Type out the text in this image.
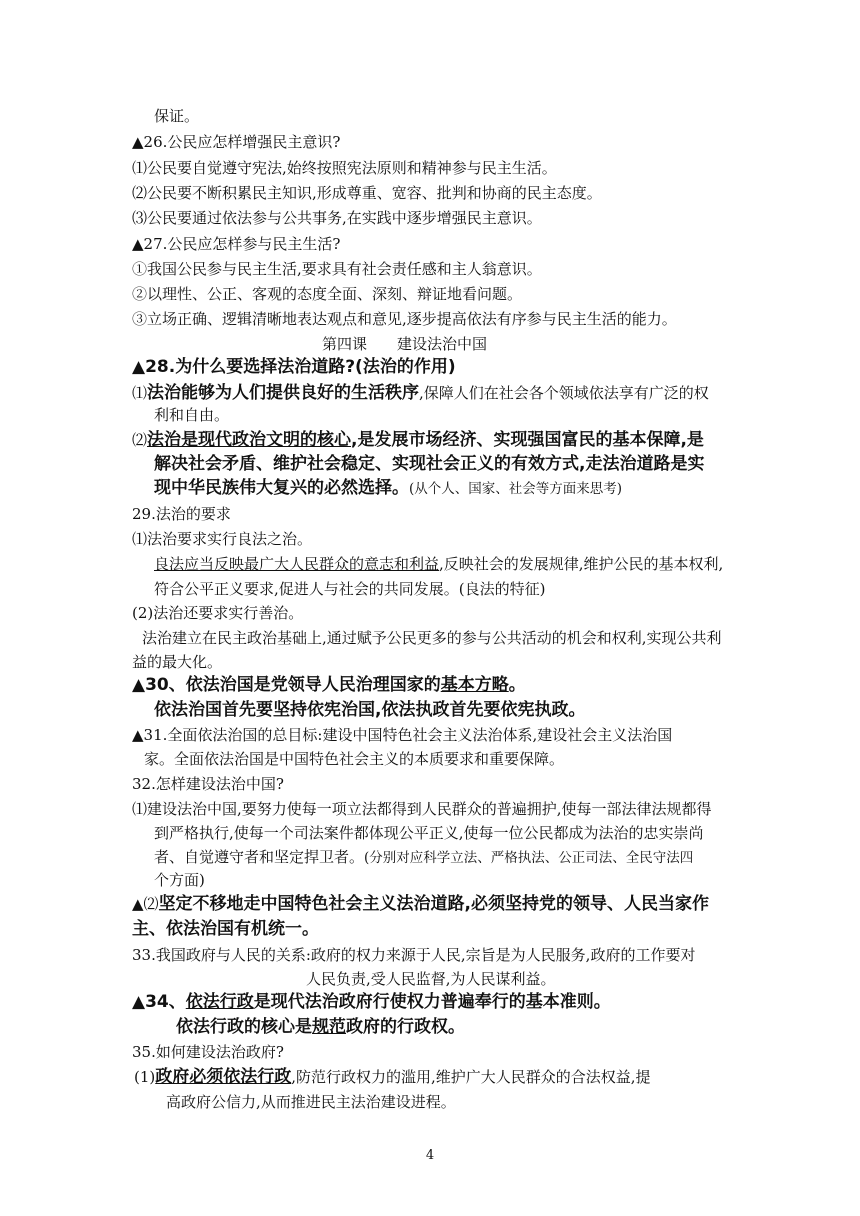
保证。
▲26.公民应怎样增强民主意识?
⑴公民要自觉遵守宪法,始终按照宪法原则和精神参与民主生活。
⑵公民要不断积累民主知识,形成尊重、宽容、批判和协商的民主态度。
⑶公民要通过依法参与公共事务,在实践中逐步增强民主意识。
▲27.公民应怎样参与民主生活?
①我国公民参与民主生活,要求具有社会责任感和主人翁意识。
②以理性、公正、客观的态度全面、深刻、辩证地看问题。
③立场正确、逻辑清晰地表达观点和意见,逐步提高依法有序参与民主生活的能力。
第四课　　建设法治中国
▲28.为什么要选择法治道路?(法治的作用)
⑴法治能够为人们提供良好的生活秩序,保障人们在社会各个领域依法享有广泛的权
利和自由。
⑵法治是现代政治文明的核心,是发展市场经济、实现强国富民的基本保障,是
解决社会矛盾、维护社会稳定、实现社会正义的有效方式,走法治道路是实
现中华民族伟大复兴的必然选择。(从个人、国家、社会等方面来思考)
29.法治的要求
⑴法治要求实行良法之治。
良法应当反映最广大人民群众的意志和利益,反映社会的发展规律,维护公民的基本权利,
符合公平正义要求,促进人与社会的共同发展。(良法的特征)
(2)法治还要求实行善治。
法治建立在民主政治基础上,通过赋予公民更多的参与公共活动的机会和权利,实现公共利
益的最大化。
▲30、依法治国是党领导人民治理国家的基本方略。
依法治国首先要坚持依宪治国,依法执政首先要依宪执政。
▲31.全面依法治国的总目标:建设中国特色社会主义法治体系,建设社会主义法治国
家。全面依法治国是中国特色社会主义的本质要求和重要保障。
32.怎样建设法治中国?
⑴建设法治中国,要努力使每一项立法都得到人民群众的普遍拥护,使每一部法律法规都得
到严格执行,使每一个司法案件都体现公平正义,使每一位公民都成为法治的忠实崇尚
者、自觉遵守者和坚定捍卫者。(分别对应科学立法、严格执法、公正司法、全民守法四
个方面)
▲⑵坚定不移地走中国特色社会主义法治道路,必须坚持党的领导、人民当家作
主、依法治国有机统一。
33.我国政府与人民的关系:政府的权力来源于人民,宗旨是为人民服务,政府的工作要对
人民负责,受人民监督,为人民谋利益。
▲34、依法行政是现代法治政府行使权力普遍奉行的基本准则。
依法行政的核心是规范政府的行政权。
35.如何建设法治政府?
(1)政府必须依法行政,防范行政权力的滥用,维护广大人民群众的合法权益,提
高政府公信力,从而推进民主法治建设进程。
4
